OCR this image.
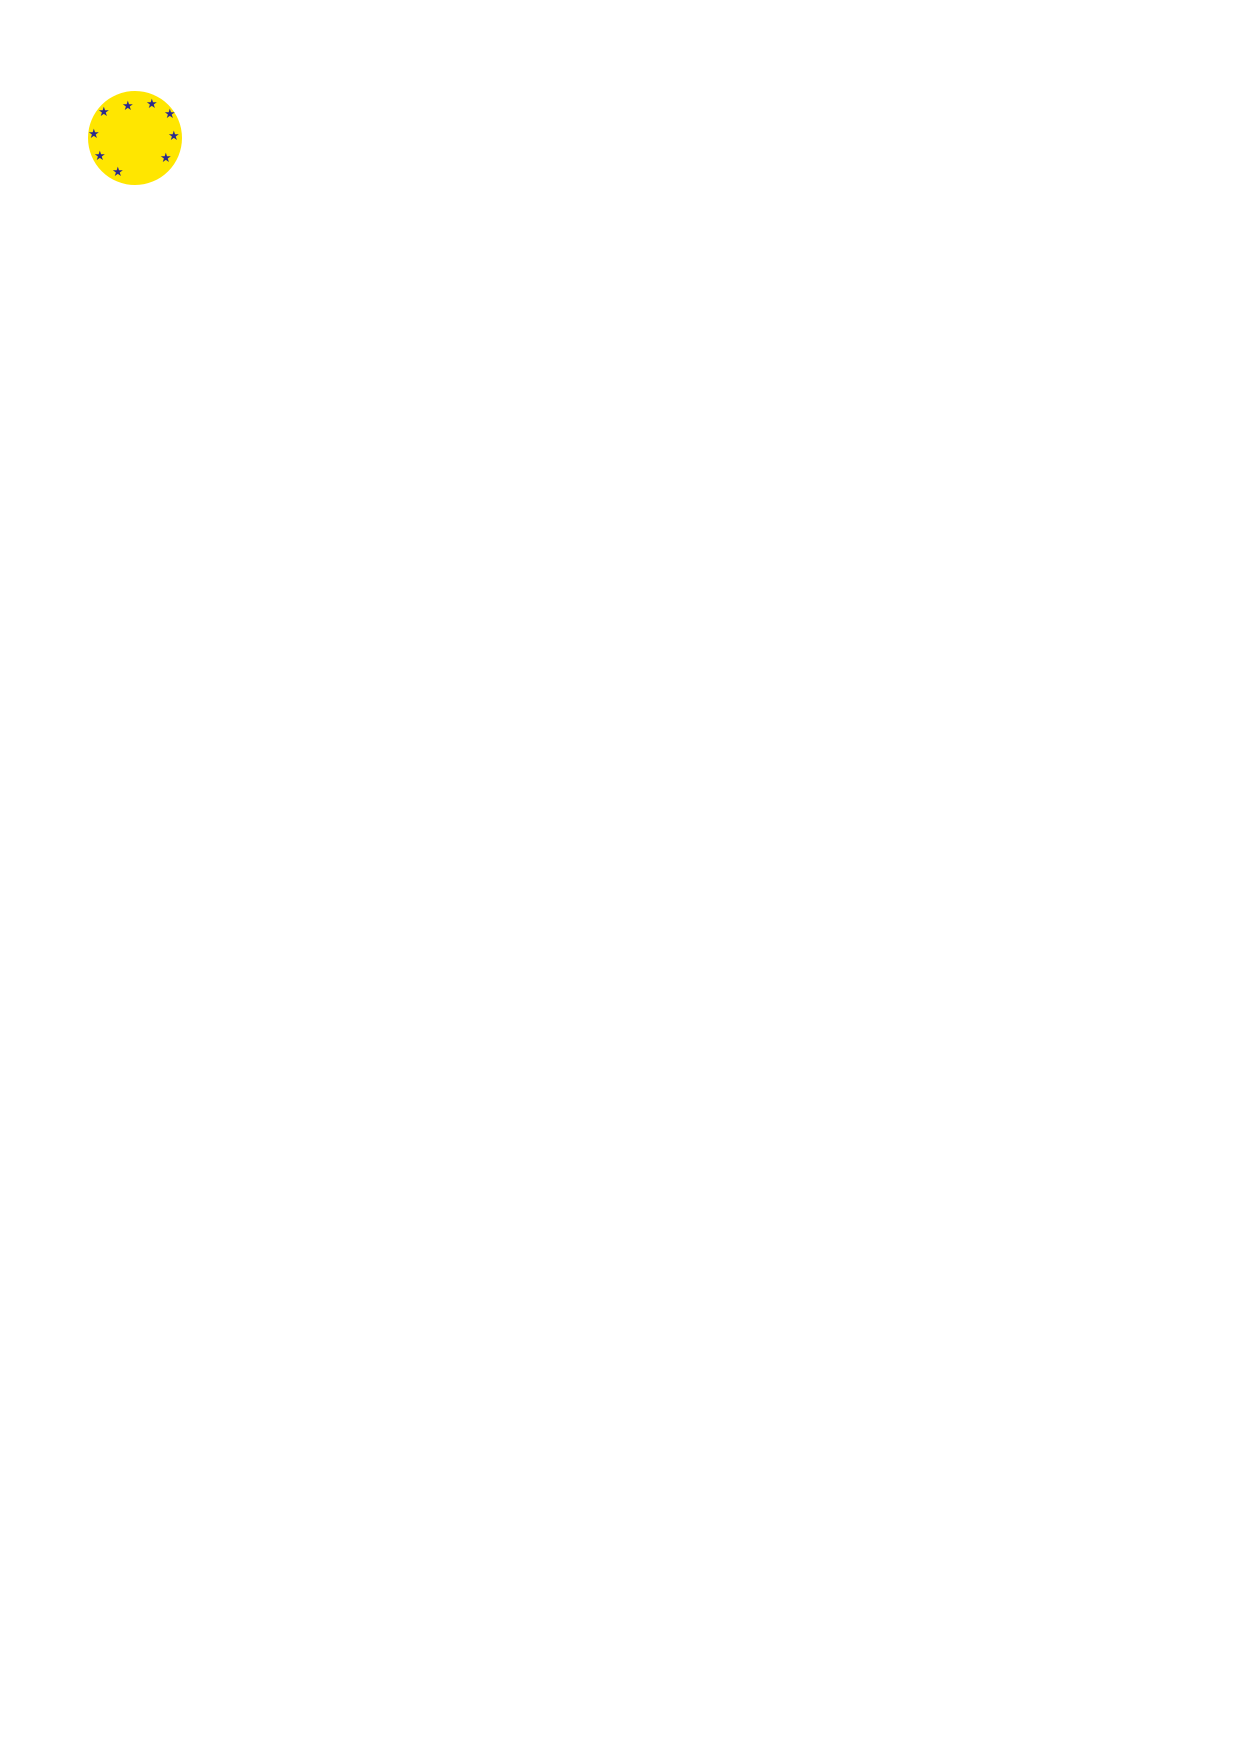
★ ★
★
★
★
★
★
★
★
